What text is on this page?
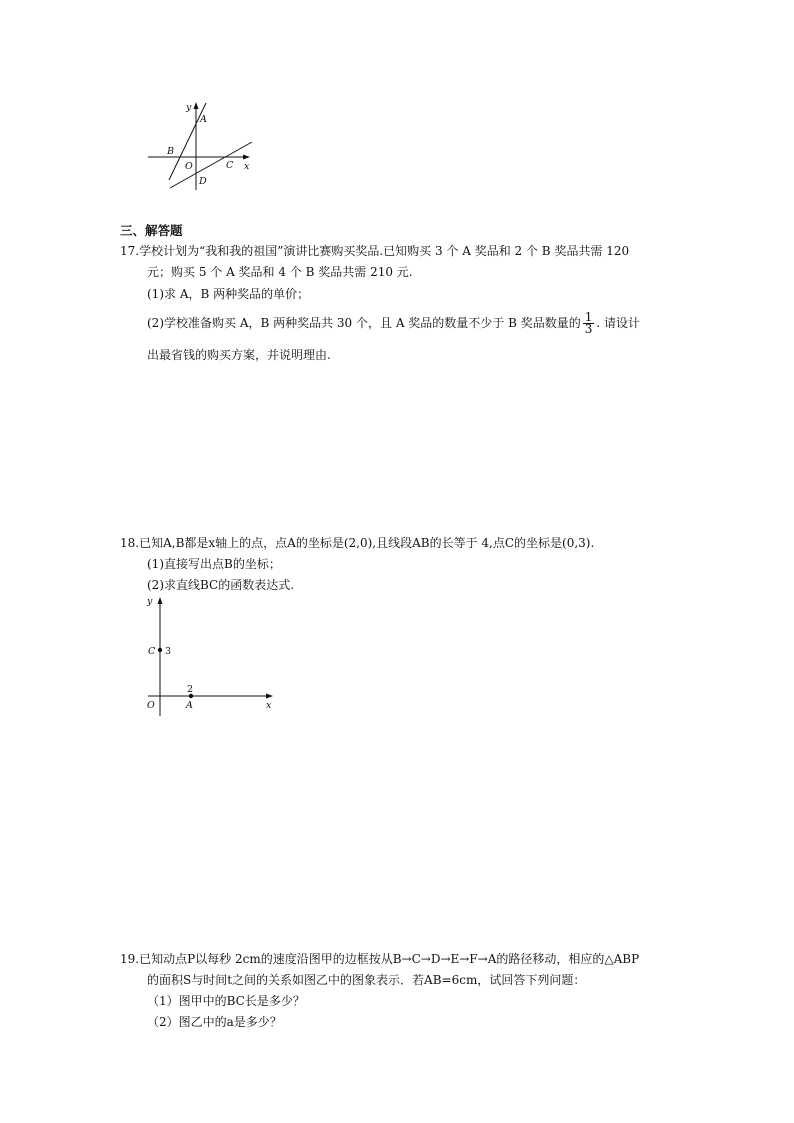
y
A
B
O	C x
D
三、解答题
17.学校计划为“我和我的祖国”演讲比赛购买奖品.已知购买 3 个 A 奖品和 2 个 B 奖品共需 120
元；购买 5 个 A 奖品和 4 个 B 奖品共需 210 元.
(1)求 A，B 两种奖品的单价；
(2)学校准备购买 A，B 两种奖品共 30 个，且 A 奖品的数量不少于 B 奖品数量的 $\frac{1}{3}$ . 请设计
出最省钱的购买方案，并说明理由.
18.已知A,B都是x轴上的点，点A的坐标是(2,0),且线段AB的长等于 4,点C的坐标是(0,3).
(1)直接写出点B的坐标；
(2)求直线BC的函数表达式.
y
C 3
O
2
A	x
19.已知动点P以每秒 2cm的速度沿图甲的边框按从B→C→D→E→F→A的路径移动，相应的△ABP
的面积S与时间t之间的关系如图乙中的图象表示．若AB=6cm，试回答下列问题：
（1）图甲中的BC长是多少？
（2）图乙中的a是多少？
